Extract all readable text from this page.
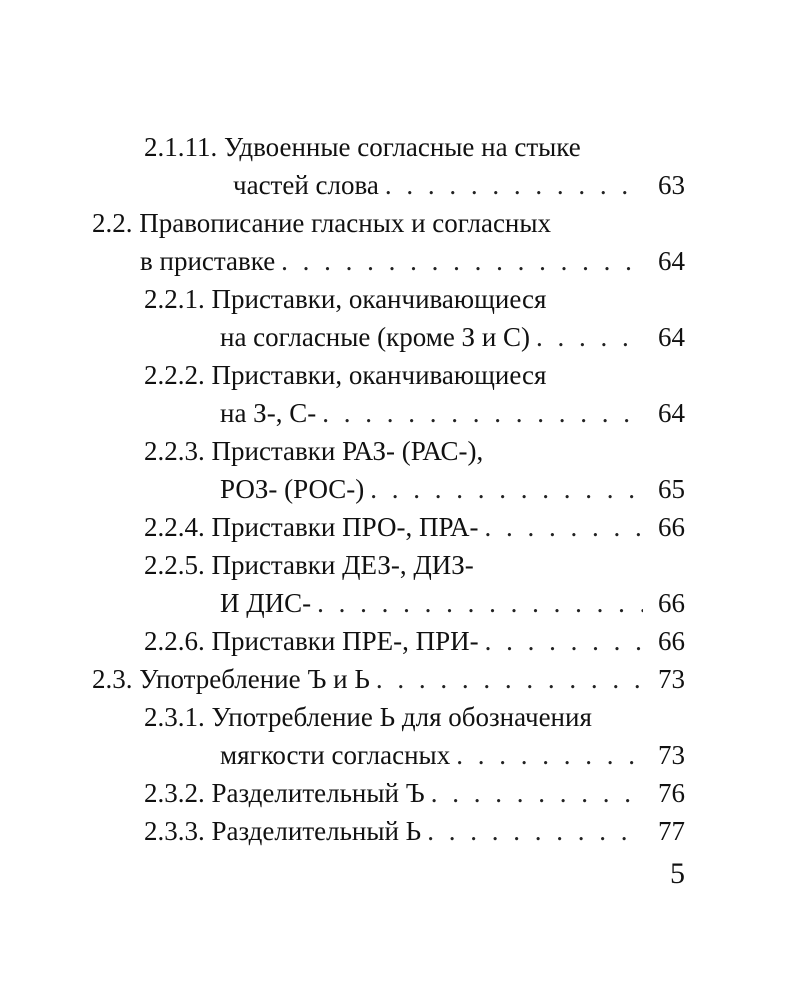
2.1.11. Удвоенные согласные на стыке
частей слова . . .	63
2.2. Правописание гласных и согласных
в приставке . . .	64
2.2.1. Приставки, оканчивающиеся
на согласные (кроме З и С) . . .	64
2.2.2. Приставки, оканчивающиеся
на З-, С- . . .	64
2.2.3. Приставки РАЗ- (РАС-),
РОЗ- (РОС-) . . .	65
2.2.4. Приставки ПРО-, ПРА- . . .	66
2.2.5. Приставки ДЕЗ-, ДИЗ-
И ДИС- . . .	66
2.2.6. Приставки ПРЕ-, ПРИ- . . .	66
2.3. Употребление Ъ и Ь . . .	73
2.3.1. Употребление Ь для обозначения
мягкости согласных . . .	73
2.3.2. Разделительный Ъ . . .	76
2.3.3. Разделительный Ь . . .	77
5
